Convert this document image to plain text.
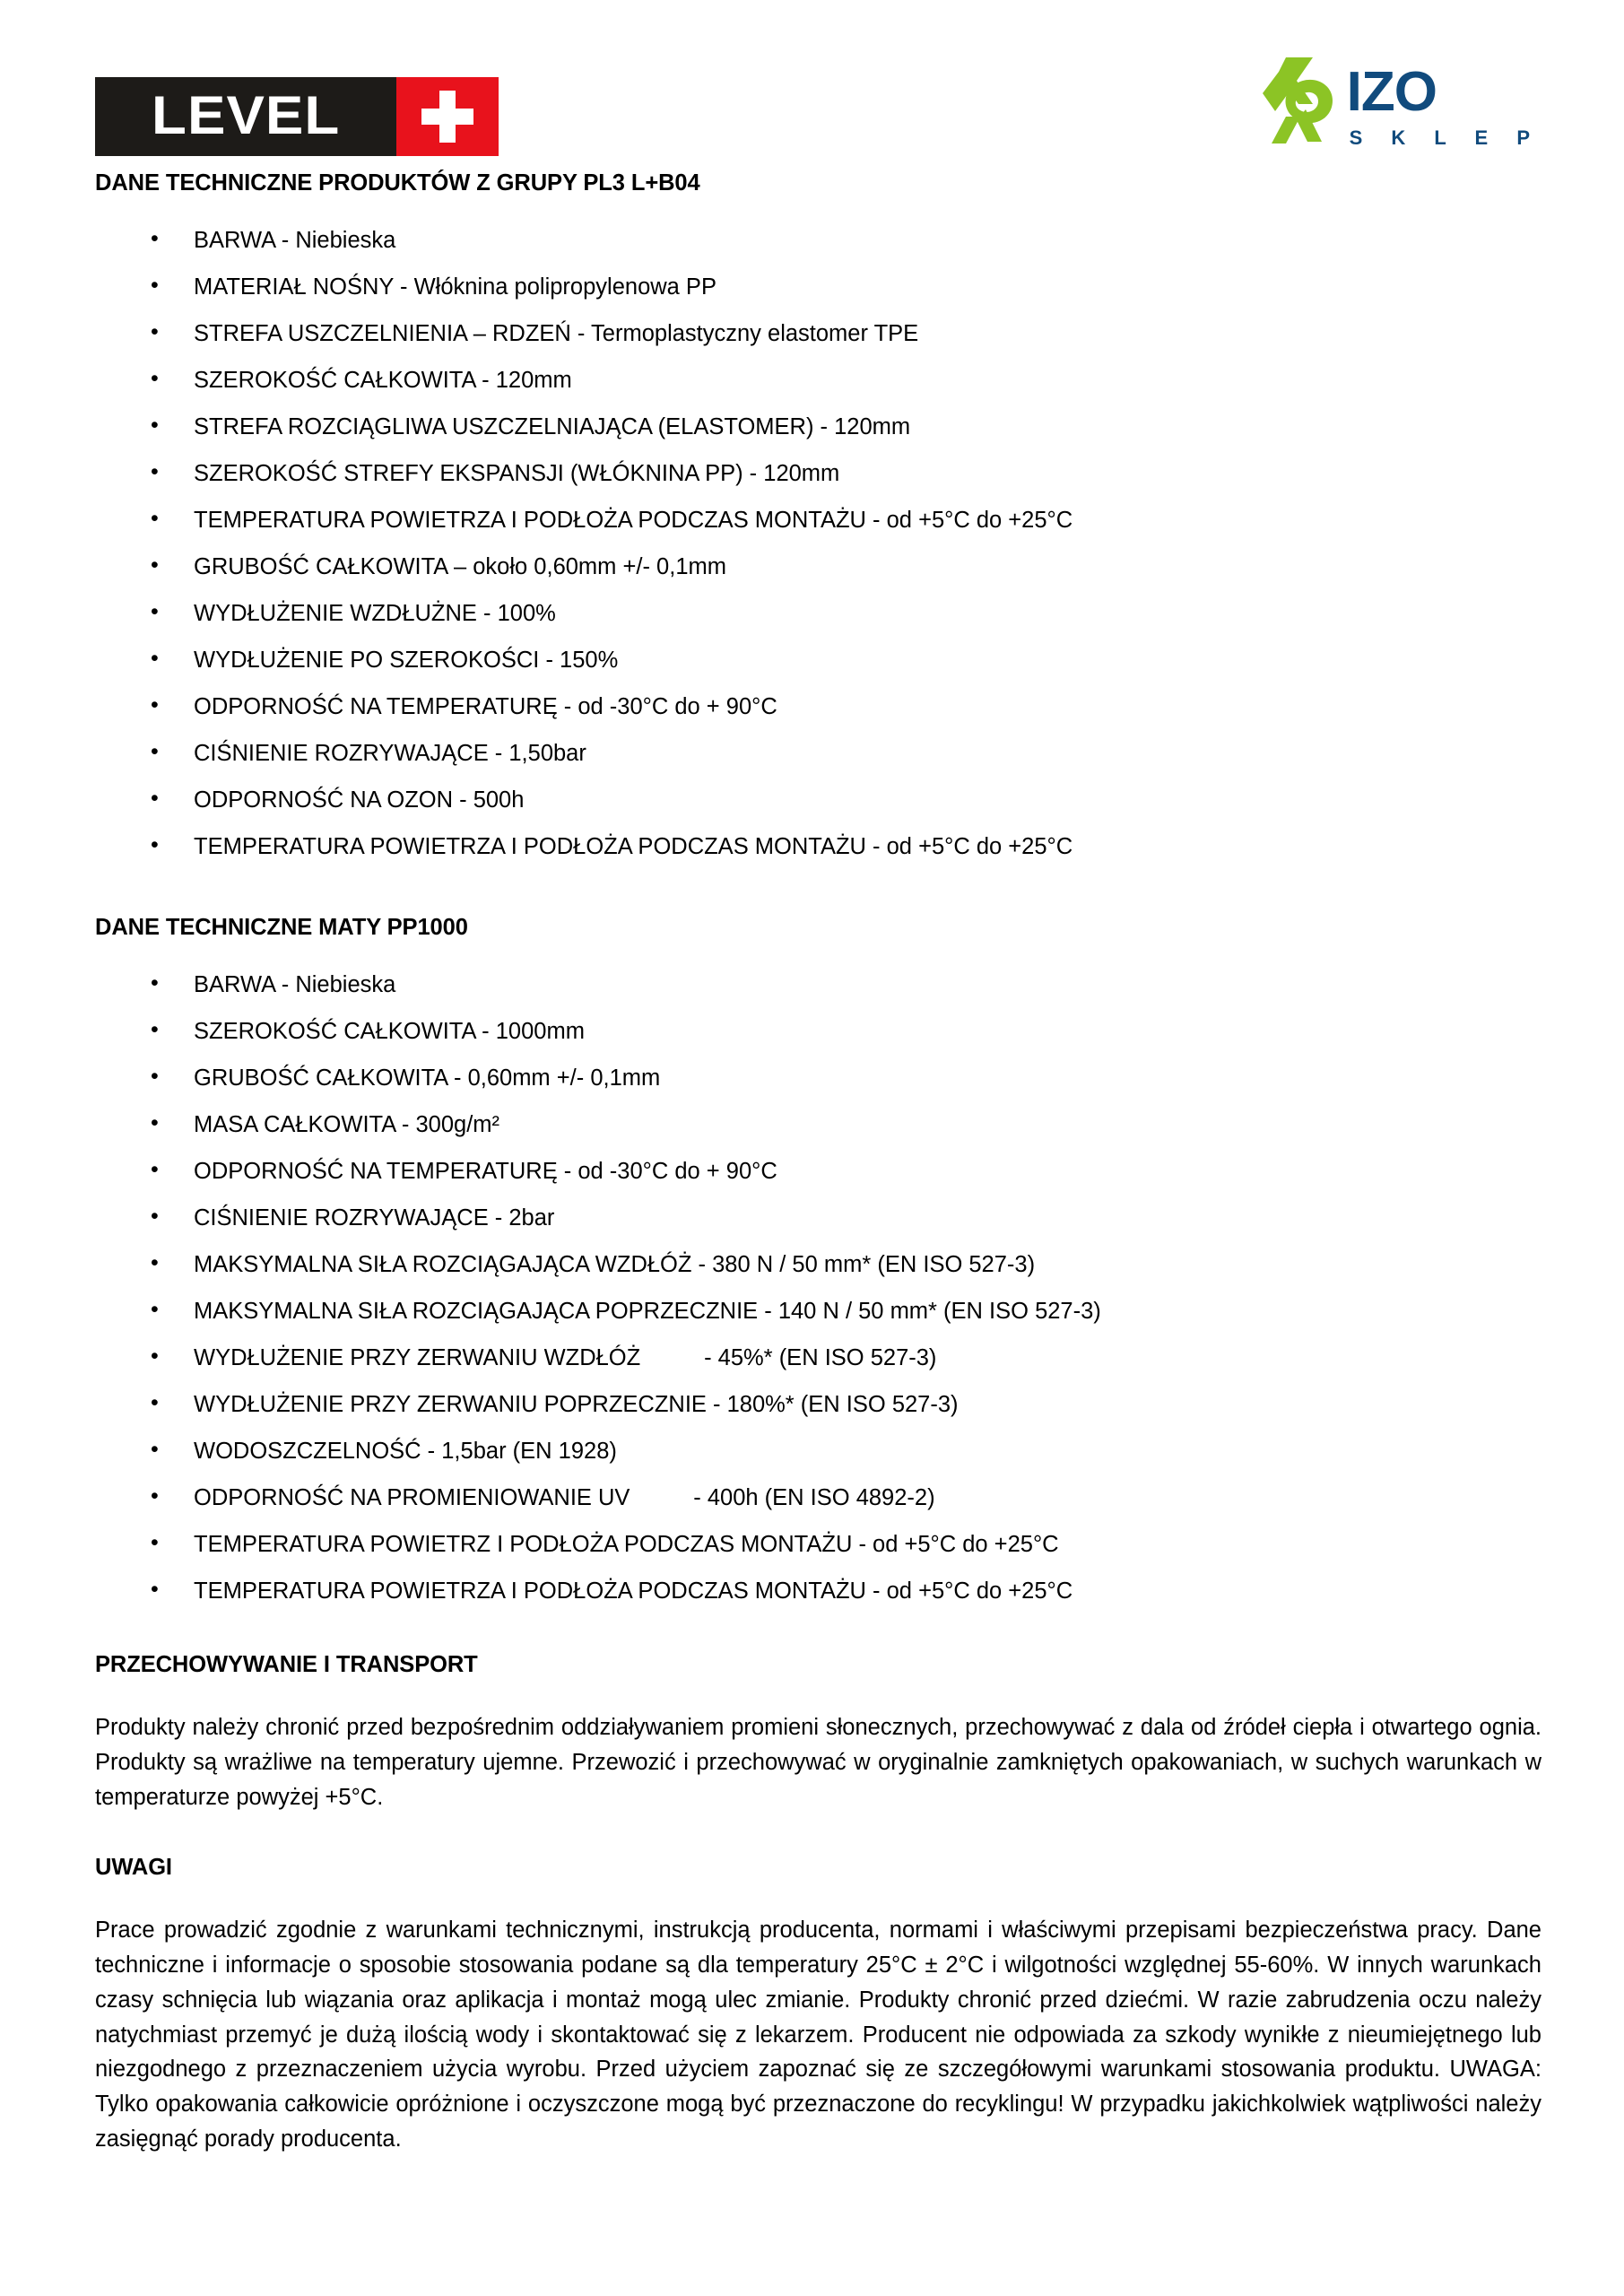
LEVEL	IZO
S K L E P
DANE TECHNICZNE PRODUKTÓW Z GRUPY PL3 L+B04
• BARWA - Niebieska
• MATERIAŁ NOŚNY - Włóknina polipropylenowa PP
• STREFA USZCZELNIENIA – RDZEŃ - Termoplastyczny elastomer TPE
• SZEROKOŚĆ CAŁKOWITA - 120mm
• STREFA ROZCIĄGLIWA USZCZELNIAJĄCA (ELASTOMER) - 120mm
• SZEROKOŚĆ STREFY EKSPANSJI (WŁÓKNINA PP) - 120mm
• TEMPERATURA POWIETRZA I PODŁOŻA PODCZAS MONTAŻU - od +5°C do +25°C
• GRUBOŚĆ CAŁKOWITA – około 0,60mm +/- 0,1mm
• WYDŁUŻENIE WZDŁUŻNE - 100%
• WYDŁUŻENIE PO SZEROKOŚCI - 150%
• ODPORNOŚĆ NA TEMPERATURĘ - od -30°C do + 90°C
• CIŚNIENIE ROZRYWAJĄCE - 1,50bar
• ODPORNOŚĆ NA OZON - 500h
• TEMPERATURA POWIETRZA I PODŁOŻA PODCZAS MONTAŻU - od +5°C do +25°C
DANE TECHNICZNE MATY PP1000
• BARWA - Niebieska
• SZEROKOŚĆ CAŁKOWITA - 1000mm
• GRUBOŚĆ CAŁKOWITA - 0,60mm +/- 0,1mm
• MASA CAŁKOWITA - 300g/m²
• ODPORNOŚĆ NA TEMPERATURĘ - od -30°C do + 90°C
• CIŚNIENIE ROZRYWAJĄCE - 2bar
• MAKSYMALNA SIŁA ROZCIĄGAJĄCA WZDŁÓŻ - 380 N / 50 mm* (EN ISO 527-3)
• MAKSYMALNA SIŁA ROZCIĄGAJĄCA POPRZECZNIE - 140 N / 50 mm* (EN ISO 527-3)
• WYDŁUŻENIE PRZY ZERWANIU WZDŁÓŻ          - 45%* (EN ISO 527-3)
• WYDŁUŻENIE PRZY ZERWANIU POPRZECZNIE - 180%* (EN ISO 527-3)
• WODOSZCZELNOŚĆ - 1,5bar (EN 1928)
• ODPORNOŚĆ NA PROMIENIOWANIE UV          - 400h (EN ISO 4892-2)
• TEMPERATURA POWIETRZ I PODŁOŻA PODCZAS MONTAŻU - od +5°C do +25°C
• TEMPERATURA POWIETRZA I PODŁOŻA PODCZAS MONTAŻU - od +5°C do +25°C
PRZECHOWYWANIE I TRANSPORT

Produkty należy chronić przed bezpośrednim oddziaływaniem promieni słonecznych, przechowywać z dala od źródeł ciepła i otwartego ognia. Produkty są wrażliwe na temperatury ujemne. Przewozić i przechowywać w oryginalnie zamkniętych opakowaniach, w suchych warunkach w temperaturze powyżej +5°C.

UWAGI

Prace prowadzić zgodnie z warunkami technicznymi, instrukcją producenta, normami i właściwymi przepisami bezpieczeństwa pracy. Dane techniczne i informacje o sposobie stosowania podane są dla temperatury 25°C ± 2°C i wilgotności względnej 55-60%. W innych warunkach czasy schnięcia lub wiązania oraz aplikacja i montaż mogą ulec zmianie. Produkty chronić przed dziećmi. W razie zabrudzenia oczu należy natychmiast przemyć je dużą ilością wody i skontaktować się z lekarzem. Producent nie odpowiada za szkody wynikłe z nieumiejętnego lub niezgodnego z przeznaczeniem użycia wyrobu. Przed użyciem zapoznać się ze szczegółowymi warunkami stosowania produktu. UWAGA: Tylko opakowania całkowicie opróżnione i oczyszczone mogą być przeznaczone do recyklingu! W przypadku jakichkolwiek wątpliwości należy zasięgnąć porady producenta.
